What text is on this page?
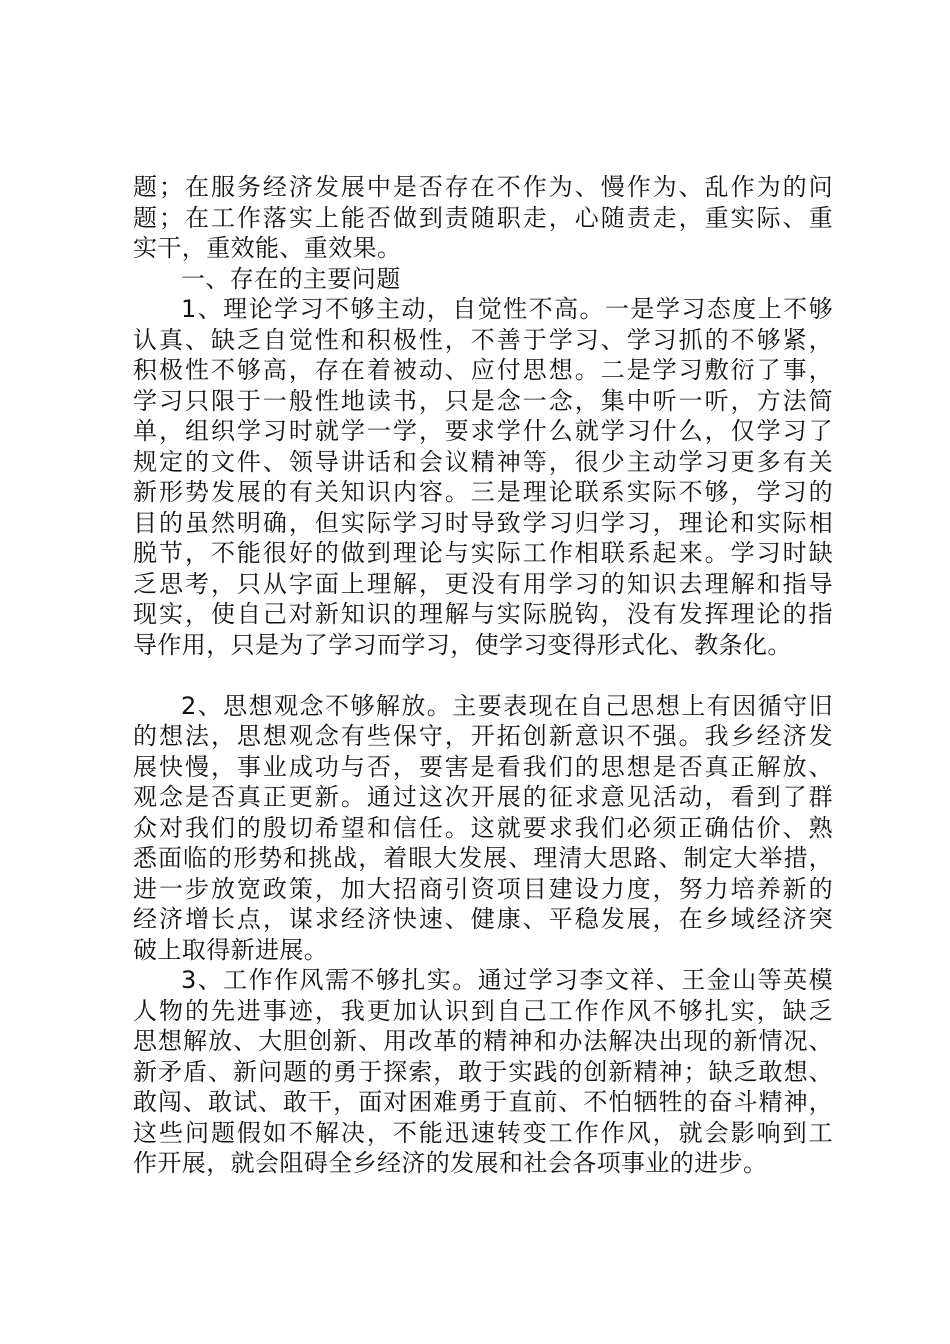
题；在服务经济发展中是否存在不作为、慢作为、乱作为的问
题；在工作落实上能否做到责随职走，心随责走，重实际、重
实干，重效能、重效果。
一、存在的主要问题
1、理论学习不够主动，自觉性不高。一是学习态度上不够
认真、缺乏自觉性和积极性，不善于学习、学习抓的不够紧，
积极性不够高，存在着被动、应付思想。二是学习敷衍了事，
学习只限于一般性地读书，只是念一念，集中听一听，方法简
单，组织学习时就学一学，要求学什么就学习什么，仅学习了
规定的文件、领导讲话和会议精神等，很少主动学习更多有关
新形势发展的有关知识内容。三是理论联系实际不够，学习的
目的虽然明确，但实际学习时导致学习归学习，理论和实际相
脱节，不能很好的做到理论与实际工作相联系起来。学习时缺
乏思考，只从字面上理解，更没有用学习的知识去理解和指导
现实，使自己对新知识的理解与实际脱钩，没有发挥理论的指
导作用，只是为了学习而学习，使学习变得形式化、教条化。
2、思想观念不够解放。主要表现在自己思想上有因循守旧
的想法，思想观念有些保守，开拓创新意识不强。我乡经济发
展快慢，事业成功与否，要害是看我们的思想是否真正解放、
观念是否真正更新。通过这次开展的征求意见活动，看到了群
众对我们的殷切希望和信任。这就要求我们必须正确估价、熟
悉面临的形势和挑战，着眼大发展、理清大思路、制定大举措，
进一步放宽政策，加大招商引资项目建设力度，努力培养新的
经济增长点，谋求经济快速、健康、平稳发展，在乡域经济突
破上取得新进展。
3、工作作风需不够扎实。通过学习李文祥、王金山等英模
人物的先进事迹，我更加认识到自己工作作风不够扎实，缺乏
思想解放、大胆创新、用改革的精神和办法解决出现的新情况、
新矛盾、新问题的勇于探索，敢于实践的创新精神；缺乏敢想、
敢闯、敢试、敢干，面对困难勇于直前、不怕牺牲的奋斗精神，
这些问题假如不解决，不能迅速转变工作作风，就会影响到工
作开展，就会阻碍全乡经济的发展和社会各项事业的进步。
